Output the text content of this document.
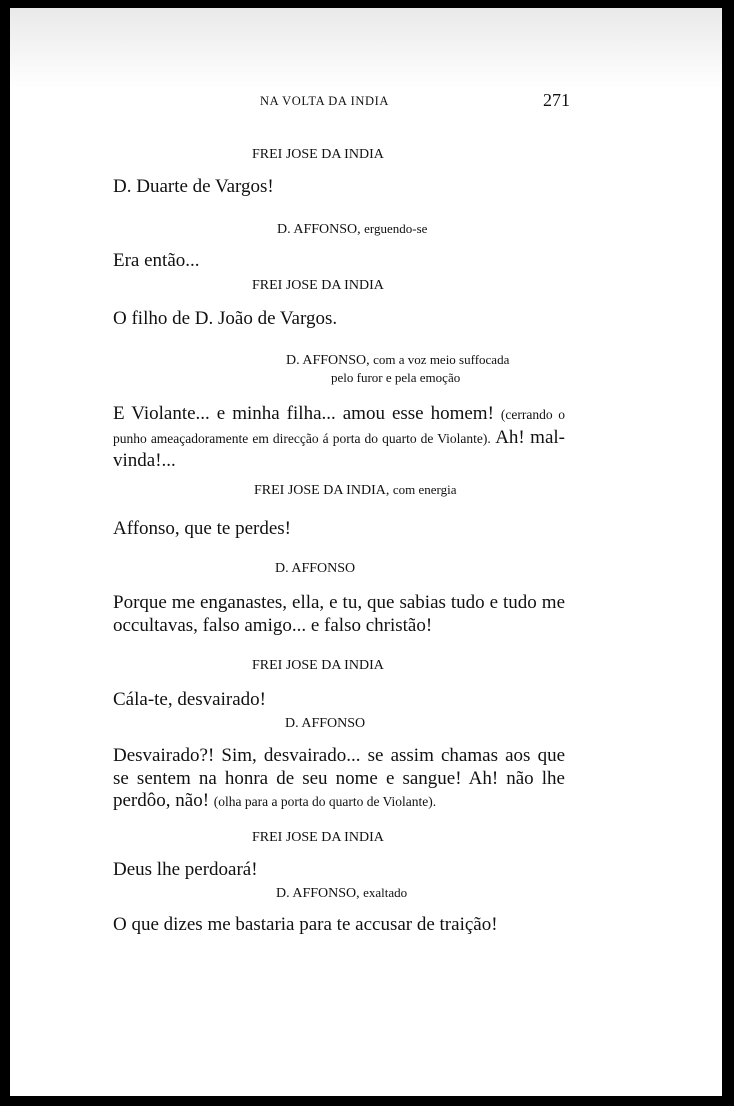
NA VOLTA DA INDIA	271
FREI JOSE DA INDIA
D. Duarte de Vargos!
D. AFFONSO, erguendo-se
Era então...
FREI JOSE DA INDIA
O filho de D. João de Vargos.
D. AFFONSO, com a voz meio suffocada
pelo furor e pela emoção
E Violante... e minha filha... amou esse homem! (cerrando o punho ameaçadoramente em direcção á porta do quarto de Violante). Ah! mal-vinda!...
FREI JOSE DA INDIA, com energia
Affonso, que te perdes!
D. AFFONSO
Porque me enganastes, ella, e tu, que sabias tudo e tudo me occultavas, falso amigo... e falso christão!
FREI JOSE DA INDIA
Cála-te, desvairado!
D. AFFONSO
Desvairado?! Sim, desvairado... se assim chamas aos que se sentem na honra de seu nome e sangue! Ah! não lhe perdôo, não! (olha para a porta do quarto de Violante).
FREI JOSE DA INDIA
Deus lhe perdoará!
D. AFFONSO, exaltado
O que dizes me bastaria para te accusar de traição!
